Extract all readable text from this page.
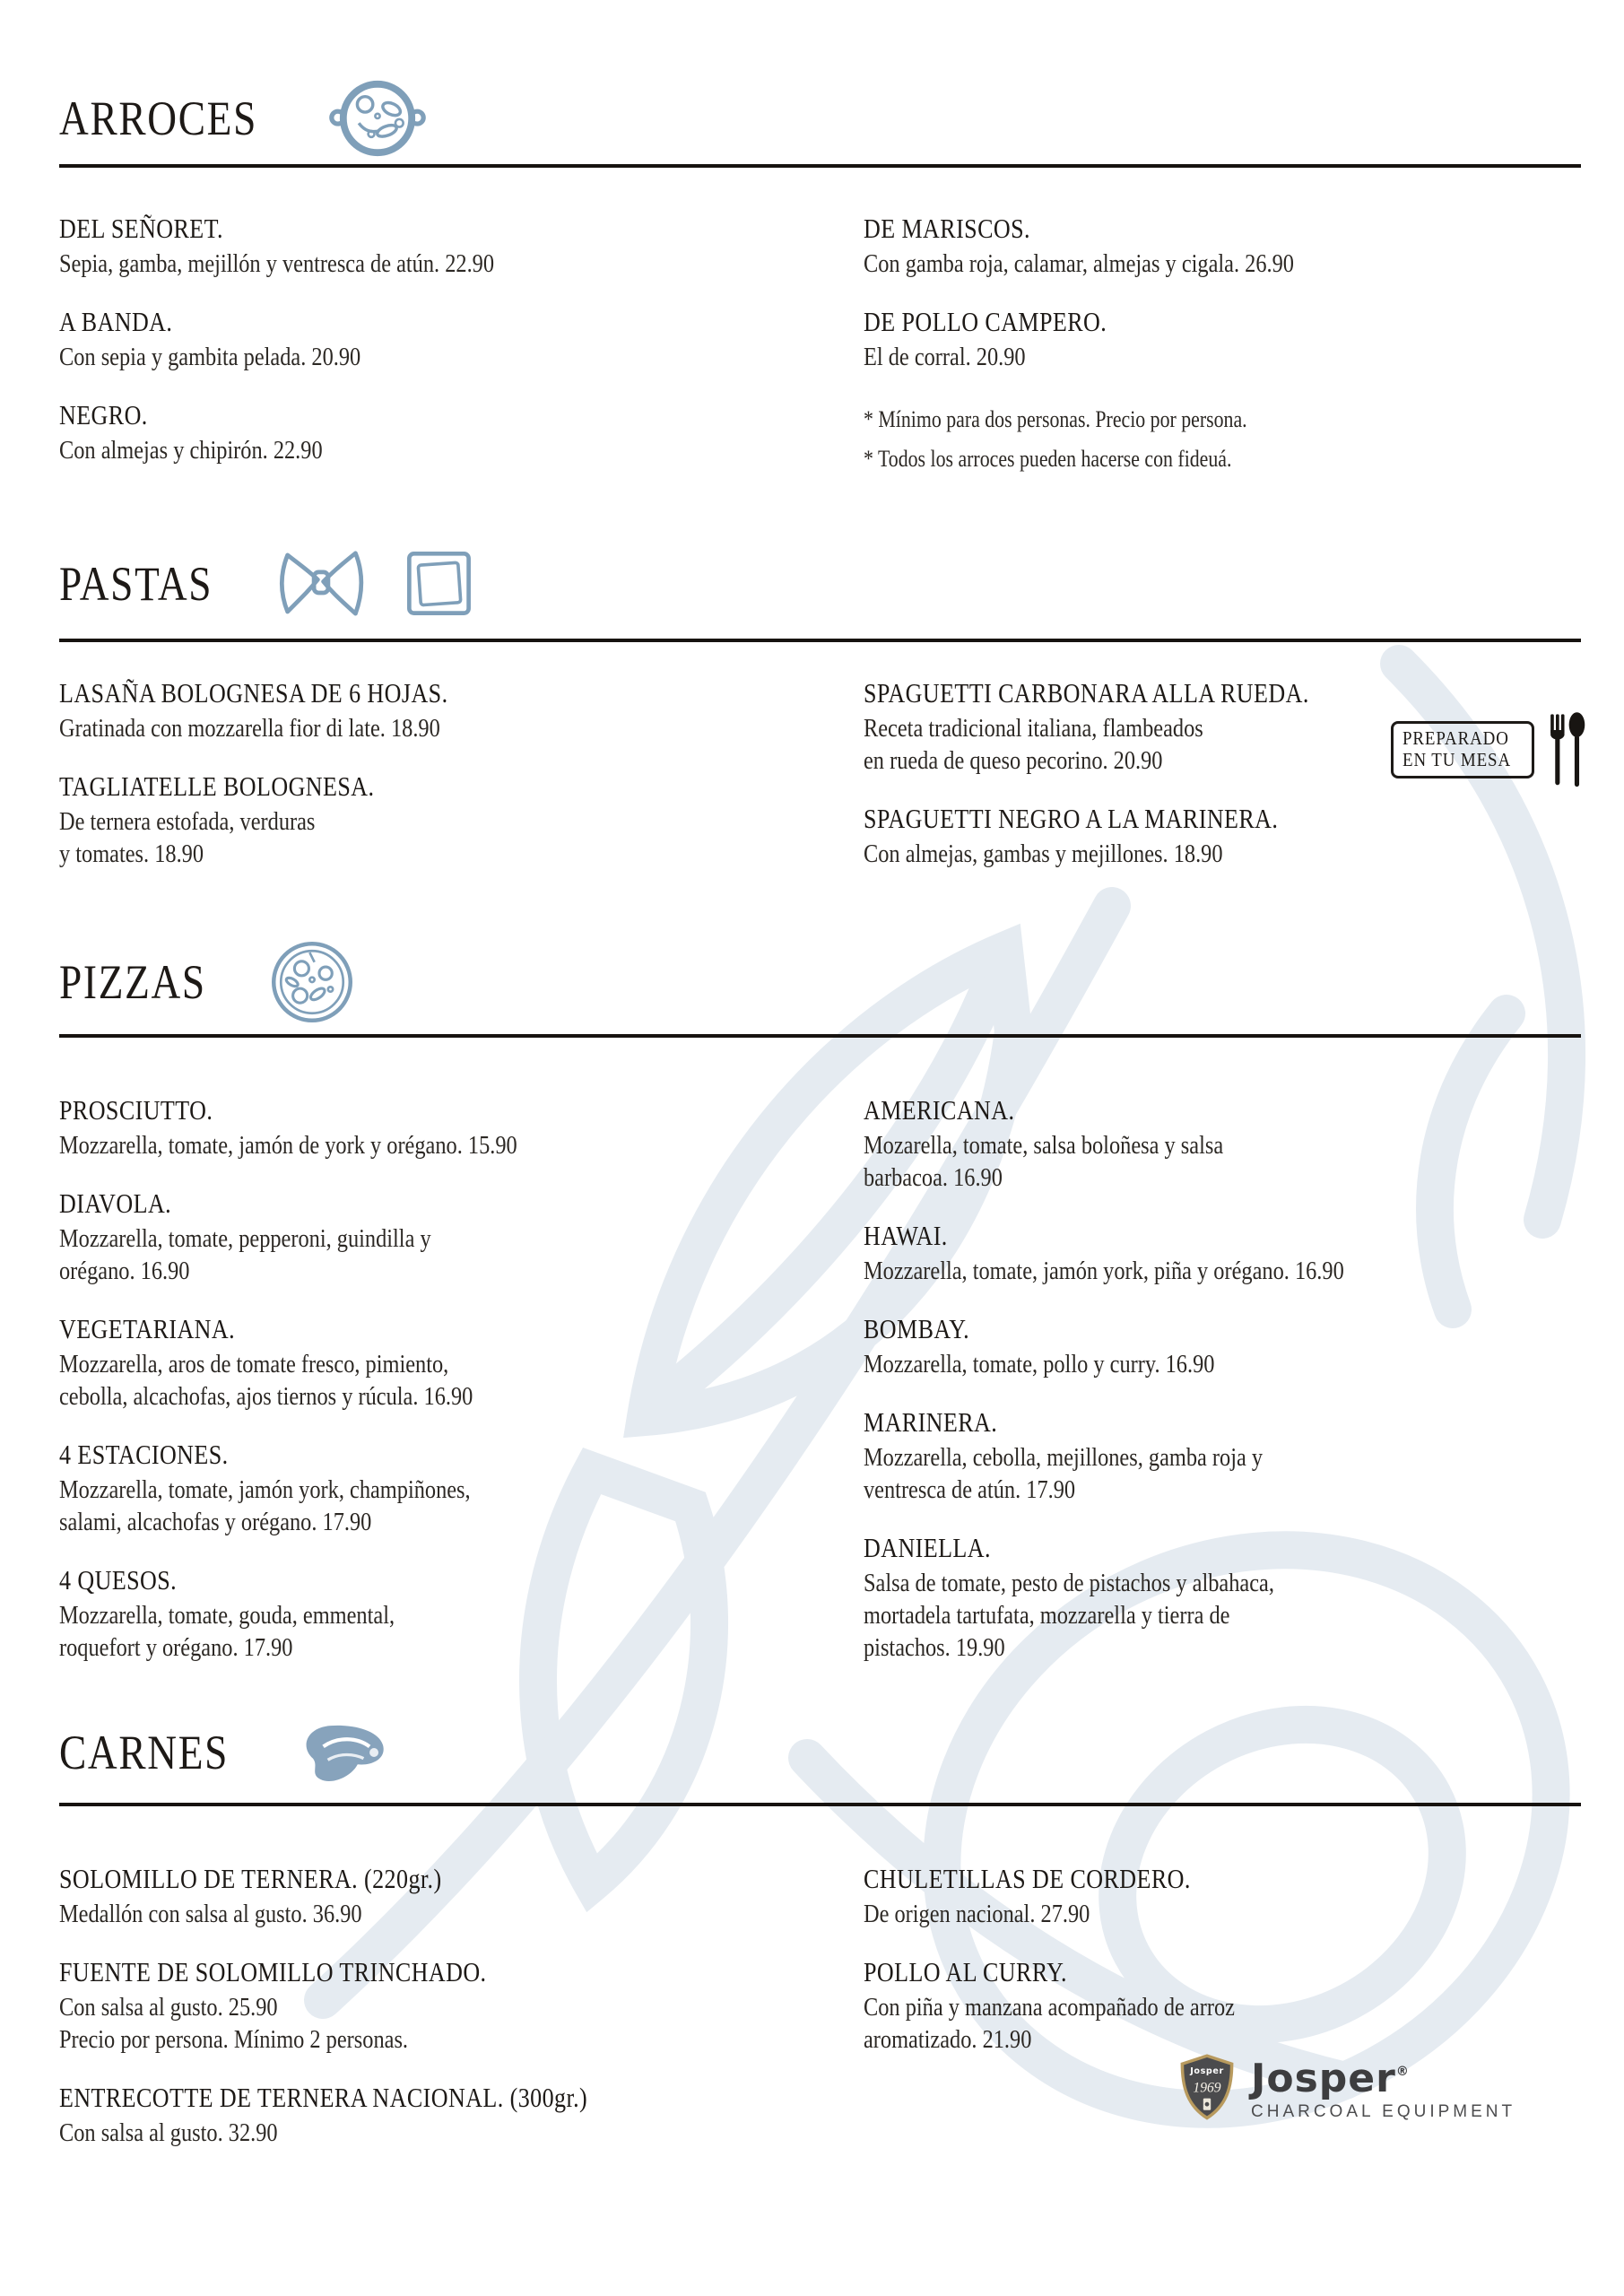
ARROCES
DEL SEÑORET.
Sepia, gamba, mejillón y ventresca de atún. 22.90
A BANDA.
Con sepia y gambita pelada. 20.90
NEGRO.
Con almejas y chipirón. 22.90
DE MARISCOS.
Con gamba roja, calamar, almejas y cigala. 26.90
DE POLLO CAMPERO.
El de corral. 20.90
* Mínimo para dos personas. Precio por persona.
* Todos los arroces pueden hacerse con fideuá.
PASTAS
LASAÑA BOLOGNESA DE 6 HOJAS.
Gratinada con mozzarella fior di late. 18.90
TAGLIATELLE BOLOGNESA.
De ternera estofada, verduras
y tomates. 18.90
SPAGUETTI CARBONARA ALLA RUEDA.
Receta tradicional italiana, flambeados
en rueda de queso pecorino. 20.90
SPAGUETTI NEGRO A LA MARINERA.
Con almejas, gambas y mejillones. 18.90
PREPARADO
EN TU MESA
PIZZAS
PROSCIUTTO.
Mozzarella, tomate, jamón de york y orégano. 15.90
DIAVOLA.
Mozzarella, tomate, pepperoni, guindilla y
orégano. 16.90
VEGETARIANA.
Mozzarella, aros de tomate fresco, pimiento,
cebolla, alcachofas, ajos tiernos y rúcula. 16.90
4 ESTACIONES.
Mozzarella, tomate, jamón york, champiñones,
salami, alcachofas y orégano. 17.90
4 QUESOS.
Mozzarella, tomate, gouda, emmental,
roquefort y orégano. 17.90
AMERICANA.
Mozarella, tomate, salsa boloñesa y salsa
barbacoa. 16.90
HAWAI.
Mozzarella, tomate, jamón york, piña y orégano. 16.90
BOMBAY.
Mozzarella, tomate, pollo y curry. 16.90
MARINERA.
Mozzarella, cebolla, mejillones, gamba roja y
ventresca de atún. 17.90
DANIELLA.
Salsa de tomate, pesto de pistachos y albahaca,
mortadela tartufata, mozzarella y tierra de
pistachos. 19.90
CARNES
SOLOMILLO DE TERNERA. (220gr.)
Medallón con salsa al gusto. 36.90
FUENTE DE SOLOMILLO TRINCHADO.
Con salsa al gusto. 25.90
Precio por persona. Mínimo 2 personas.
ENTRECOTTE DE TERNERA NACIONAL. (300gr.)
Con salsa al gusto. 32.90
CHULETILLAS DE CORDERO.
De origen nacional. 27.90
POLLO AL CURRY.
Con piña y manzana acompañado de arroz
aromatizado. 21.90
Josper
1969 Josper®
CHARCOAL EQUIPMENT
